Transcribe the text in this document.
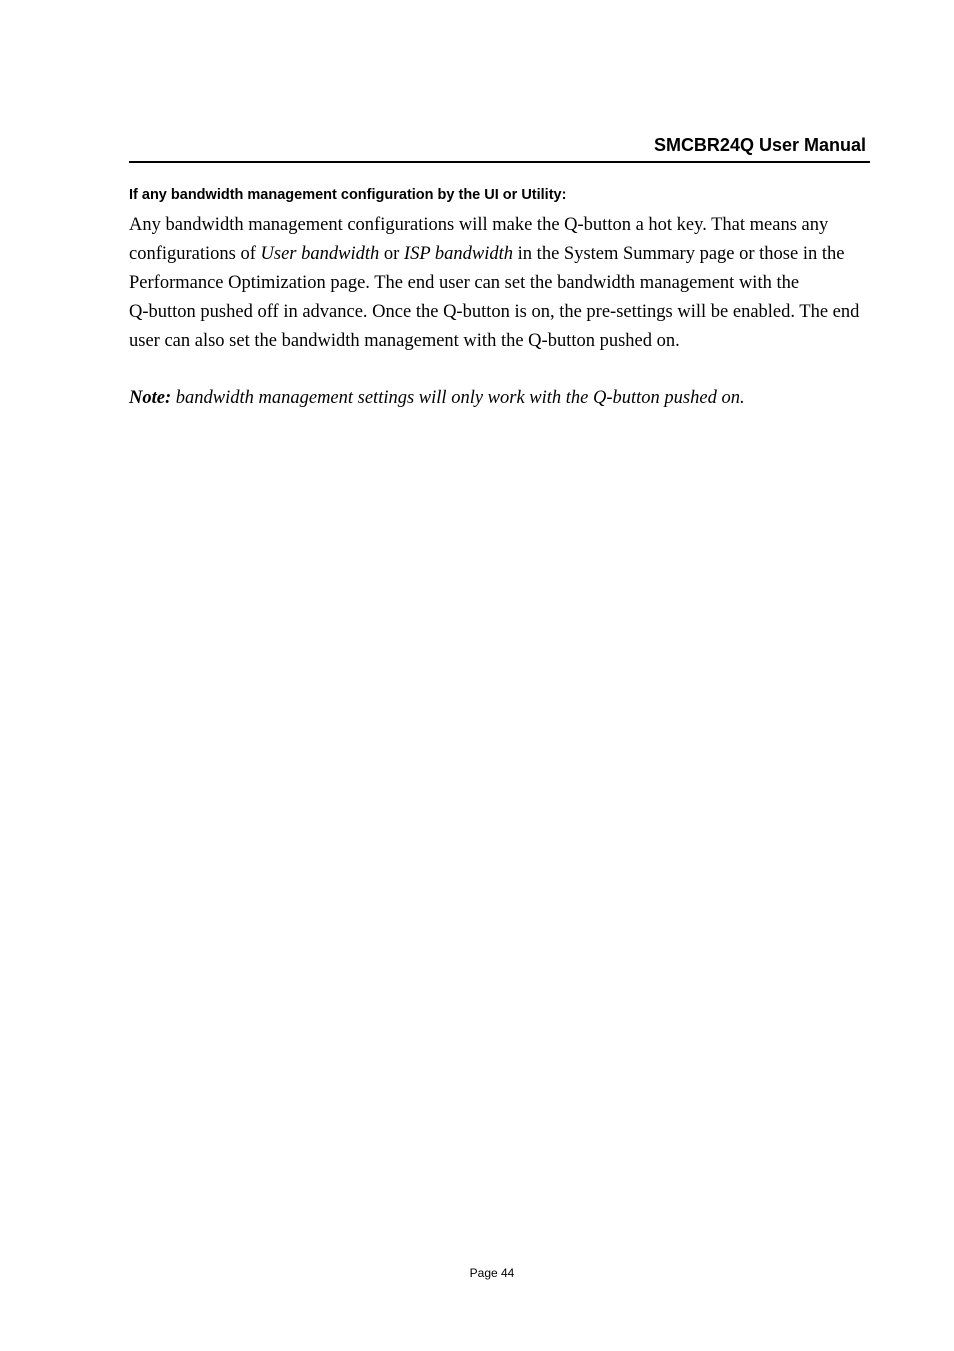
SMCBR24Q User Manual
If any bandwidth management configuration by the UI or Utility:
Any bandwidth management configurations will make the Q-button a hot key. That means any
configurations of User bandwidth or ISP bandwidth in the System Summary page or those in the
Performance Optimization page. The end user can set the bandwidth management with the
Q-button pushed off in advance. Once the Q-button is on, the pre-settings will be enabled. The end
user can also set the bandwidth management with the Q-button pushed on.
Note: bandwidth management settings will only work with the Q-button pushed on.
Page 44
